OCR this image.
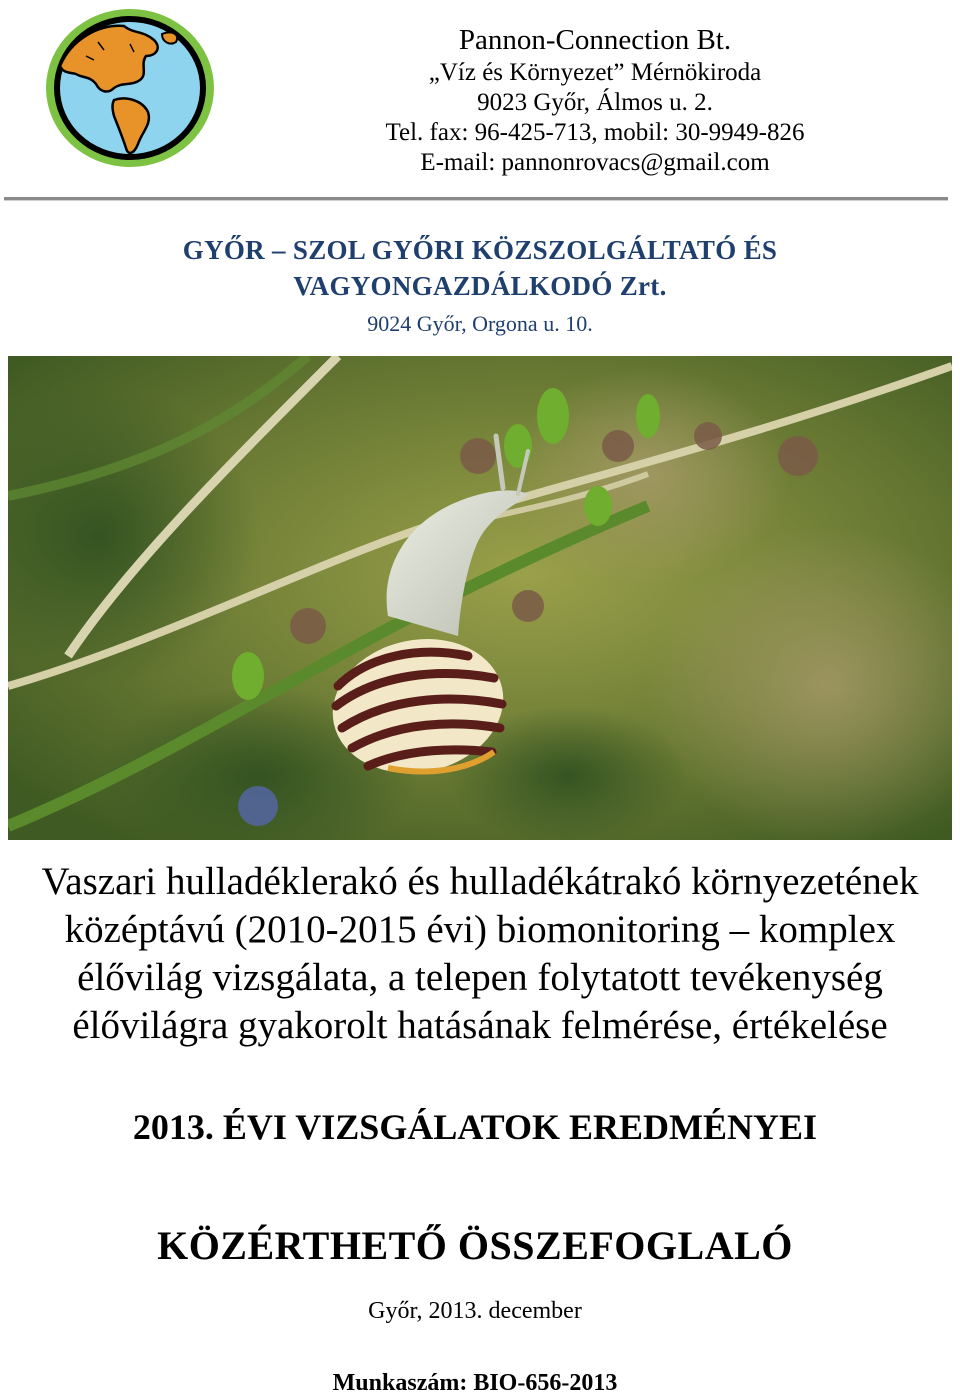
Pannon-Connection Bt.
„Víz és Környezet” Mérnökiroda
9023 Győr, Álmos u. 2.
Tel. fax: 96-425-713, mobil: 30-9949-826
E-mail: pannonrovacs@gmail.com
GYŐR – SZOL GYŐRI KÖZSZOLGÁLTATÓ ÉS
VAGYONGAZDÁLKODÓ Zrt.
9024 Győr, Orgona u. 10.
Vaszari hulladéklerakó és hulladékátrakó környezetének
középtávú (2010-2015 évi) biomonitoring – komplex
élővilág vizsgálata, a telepen folytatott tevékenység
élővilágra gyakorolt hatásának felmérése, értékelése
2013. ÉVI VIZSGÁLATOK EREDMÉNYEI
KÖZÉRTHETŐ ÖSSZEFOGLALÓ
Győr, 2013. december
Munkaszám: BIO-656-2013
